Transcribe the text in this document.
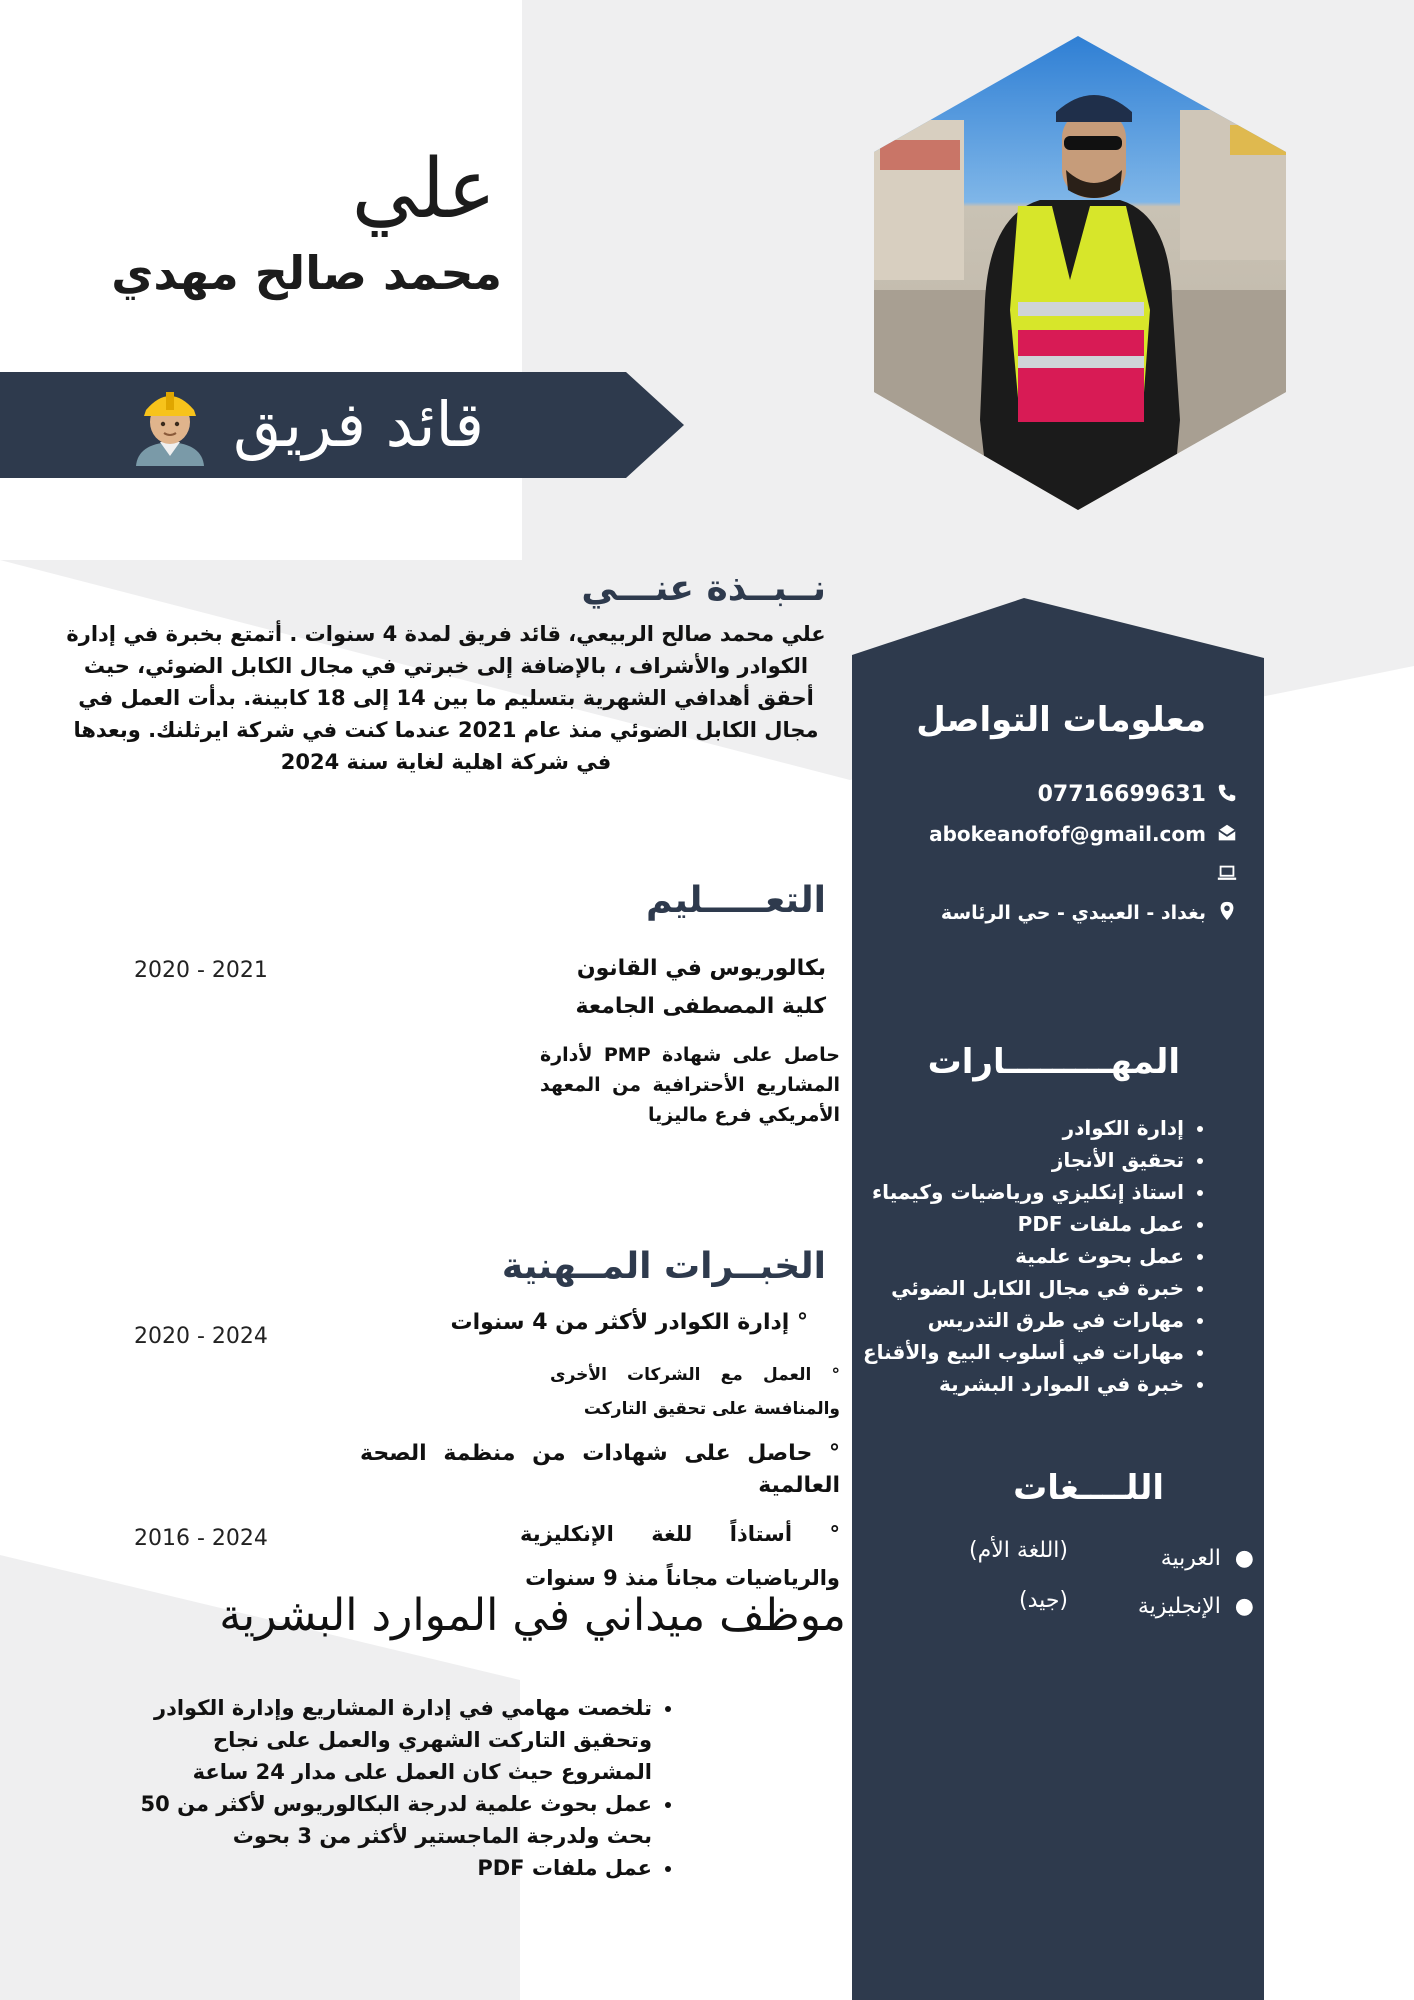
علي
محمد صالح مهدي
قائد فريق
نــبــذة عنـــي
علي محمد صالح الربيعي، قائد فريق لمدة 4 سنوات . أتمتع بخبرة في إدارة الكوادر والأشراف ، بالإضافة إلى خبرتي في مجال الكابل الضوئي، حيث أحقق أهدافي الشهرية بتسليم ما بين 14 إلى 18 كابينة. بدأت العمل في مجال الكابل الضوئي منذ عام 2021 عندما كنت في شركة ايرثلنك. وبعدها في شركة اهلية لغاية سنة 2024
التعـــــليم
2020 - 2021	بكالوريوس في القانون
كلية المصطفى الجامعة
حاصل على شهادة PMP لأدارة المشاريع الأحترافية من المعهد الأمريكي فرع ماليزيا
الخبــرات المــهنية
2020 - 2024
° إدارة الكوادر لأكثر من 4 سنوات
° العمل مع الشركات الأخرى والمنافسة على تحقيق التاركت
° حاصل على شهادات من منظمة الصحة العالمية
2016 - 2024	° أستاذاً للغة الإنكليزية والرياضيات مجاناً منذ 9 سنوات
موظف ميداني في الموارد البشرية
• تلخصت مهامي في إدارة المشاريع وإدارة الكوادر وتحقيق التاركت الشهري والعمل على نجاح المشروع حيث كان العمل على مدار 24 ساعة
• عمل بحوث علمية لدرجة البكالوريوس لأكثر من 50 بحث ولدرجة الماجستير لأكثر من 3 بحوث
• عمل ملفات PDF
معلومات التواصل
07716699631
abokeanofof@gmail.com
بغداد - العبيدي - حي الرئاسة
المهـــــــــارات
• إدارة الكوادر
• تحقيق الأنجاز
• استاذ إنكليزي ورياضيات وكيمياء
• عمل ملفات PDF
• عمل بحوث علمية
• خبرة في مجال الكابل الضوئي
• مهارات في طرق التدريس
• مهارات في أسلوب البيع والأقناع
• خبرة في الموارد البشرية
اللــــغات
●  العربية
(اللغة الأم)
●  الإنجليزية
(جيد)
